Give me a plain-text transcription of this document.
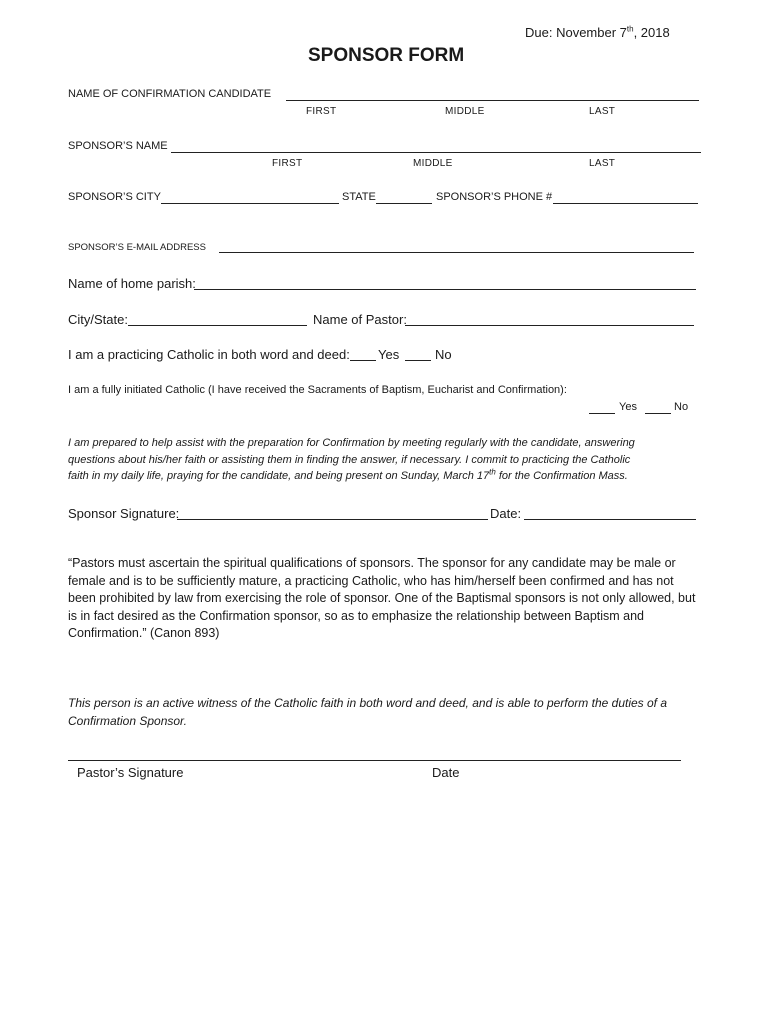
Due: November 7th, 2018
SPONSOR FORM
NAME OF CONFIRMATION CANDIDATE
FIRST	MIDDLE	LAST
SPONSOR’S NAME
FIRST	MIDDLE	LAST
SPONSOR’S CITY	STATE	SPONSOR’S PHONE #
SPONSOR’S E-MAIL ADDRESS
Name of home parish:
City/State:	Name of Pastor:
I am a practicing Catholic in both word and deed: Yes	No
I am a fully initiated Catholic (I have received the Sacraments of Baptism, Eucharist and Confirmation):
Yes	No
I am prepared to help assist with the preparation for Confirmation by meeting regularly with the candidate, answering
questions about his/her faith or assisting them in finding the answer, if necessary. I commit to practicing the Catholic
faith in my daily life, praying for the candidate, and being present on Sunday, March 17th for the Confirmation Mass.
Sponsor Signature:	Date:
“Pastors must ascertain the spiritual qualifications of sponsors. The sponsor for any candidate may be male or female and is to be sufficiently mature, a practicing Catholic, who has him/herself been confirmed and has not been prohibited by law from exercising the role of sponsor. One of the Baptismal sponsors is not only allowed, but is in fact desired as the Confirmation sponsor, so as to emphasize the relationship between Baptism and Confirmation.” (Canon 893)
This person is an active witness of the Catholic faith in both word and deed, and is able to perform the duties of a Confirmation Sponsor.
Pastor’s Signature	Date
